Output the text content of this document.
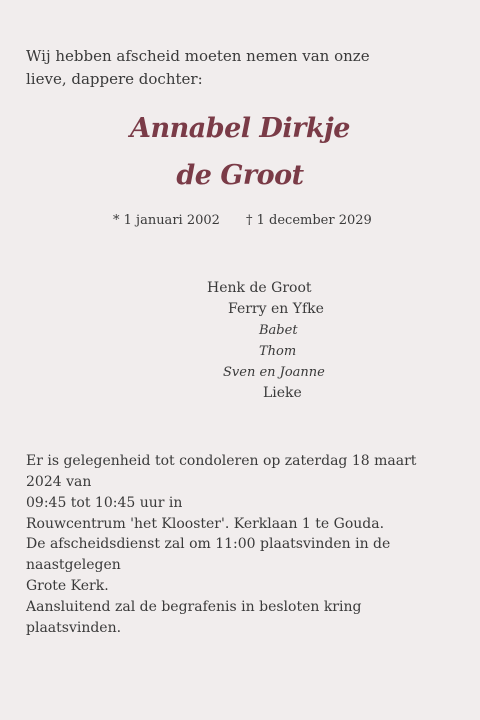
Wij hebben afscheid moeten nemen van onze
lieve, dappere dochter:

Annabel Dirkje
de Groot
* 1 januari 2002 † 1 december 2029
Henk de Groot
Ferry en Yfke
Babet
Thom
Sven en Joanne
Lieke

Er is gelegenheid tot condoleren op zaterdag 18 maart 2024 van
09:45 tot 10:45 uur in
Rouwcentrum 'het Klooster'. Kerklaan 1 te Gouda.

De afscheidsdienst zal om 11:00 plaatsvinden in de naastgelegen
Grote Kerk.
Aansluitend zal de begrafenis in besloten kring plaatsvinden.
